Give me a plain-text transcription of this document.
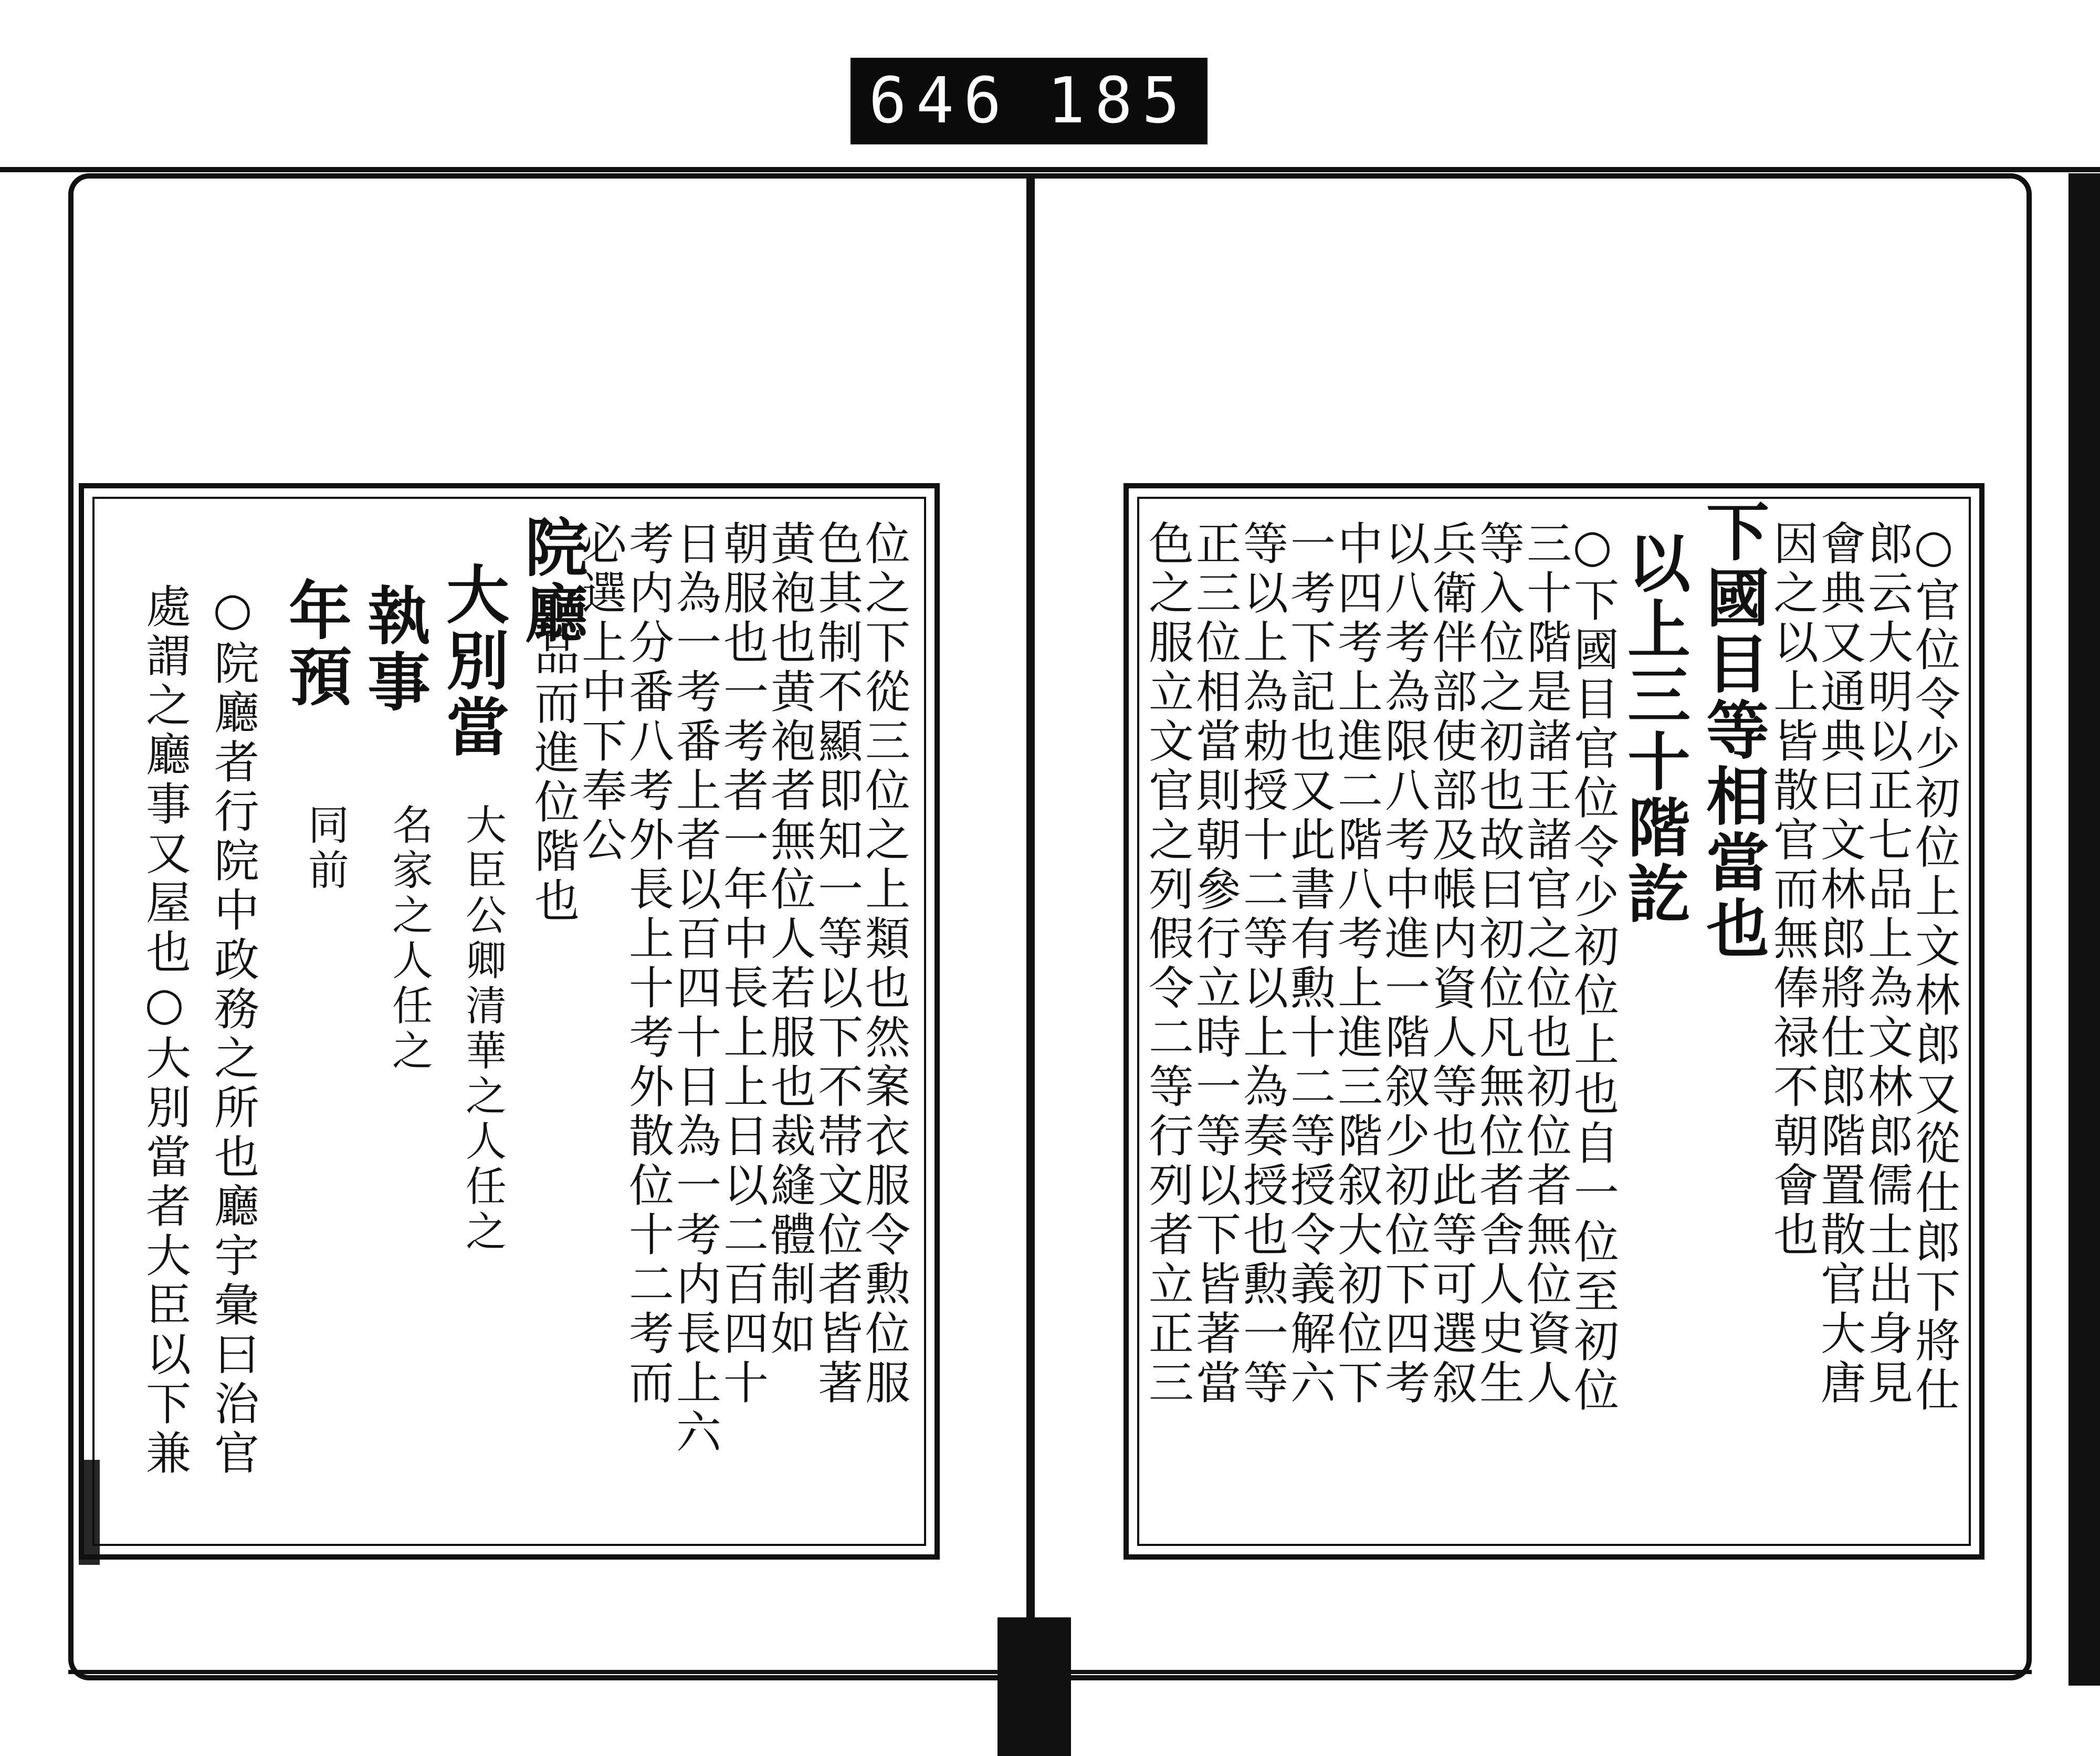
646 185
院廳
大別當
執事
年預
○院廳者行院中政務之所也廳宇彙曰治官
處謂之廳事又屋也○大別當者大臣以下兼	大臣公卿清華之人任之
名家之人任之
同前	位之下從三位之上類也然案衣服令勲位服
色其制不顯即知一等以下不帯文位者皆著
黄袍也黄袍者無位人若服也裁縫體制如
朝服也一考者一年中長上上日以二百四十
日為一考番上者以百四十日為一考内長上六
考内分番八考外長上十考外散位十二考而
必選上中下奉公
品而進位階也	○官位令少初位上文林郎又從仕郎下將仕
郎云大明以正七品上為文林郎儒士出身見
會典又通典曰文林郎將仕郎階置散官大唐
因之以上皆散官而無俸禄不朝會也
下國目等相當也
以上三十階訖
○下國目官位令少初位上也自一位至初位
三十階是諸王諸官之位也初位者無位資人
等入位之初也故曰初位凡無位者舎人史生
兵衛伴部使部及帳内資人等也此等可選叙
以八考為限八考中進一階叙少初位下四考
中四考上進二階八考上進三階叙大初位下
一考下記也又此書有勲十二等授令義解六
等以上為勅授十二等以上為奏授也勲一等
正三位相當則朝參行立時一等以下皆著當
色之服立文官之列假令二等行列者立正三
